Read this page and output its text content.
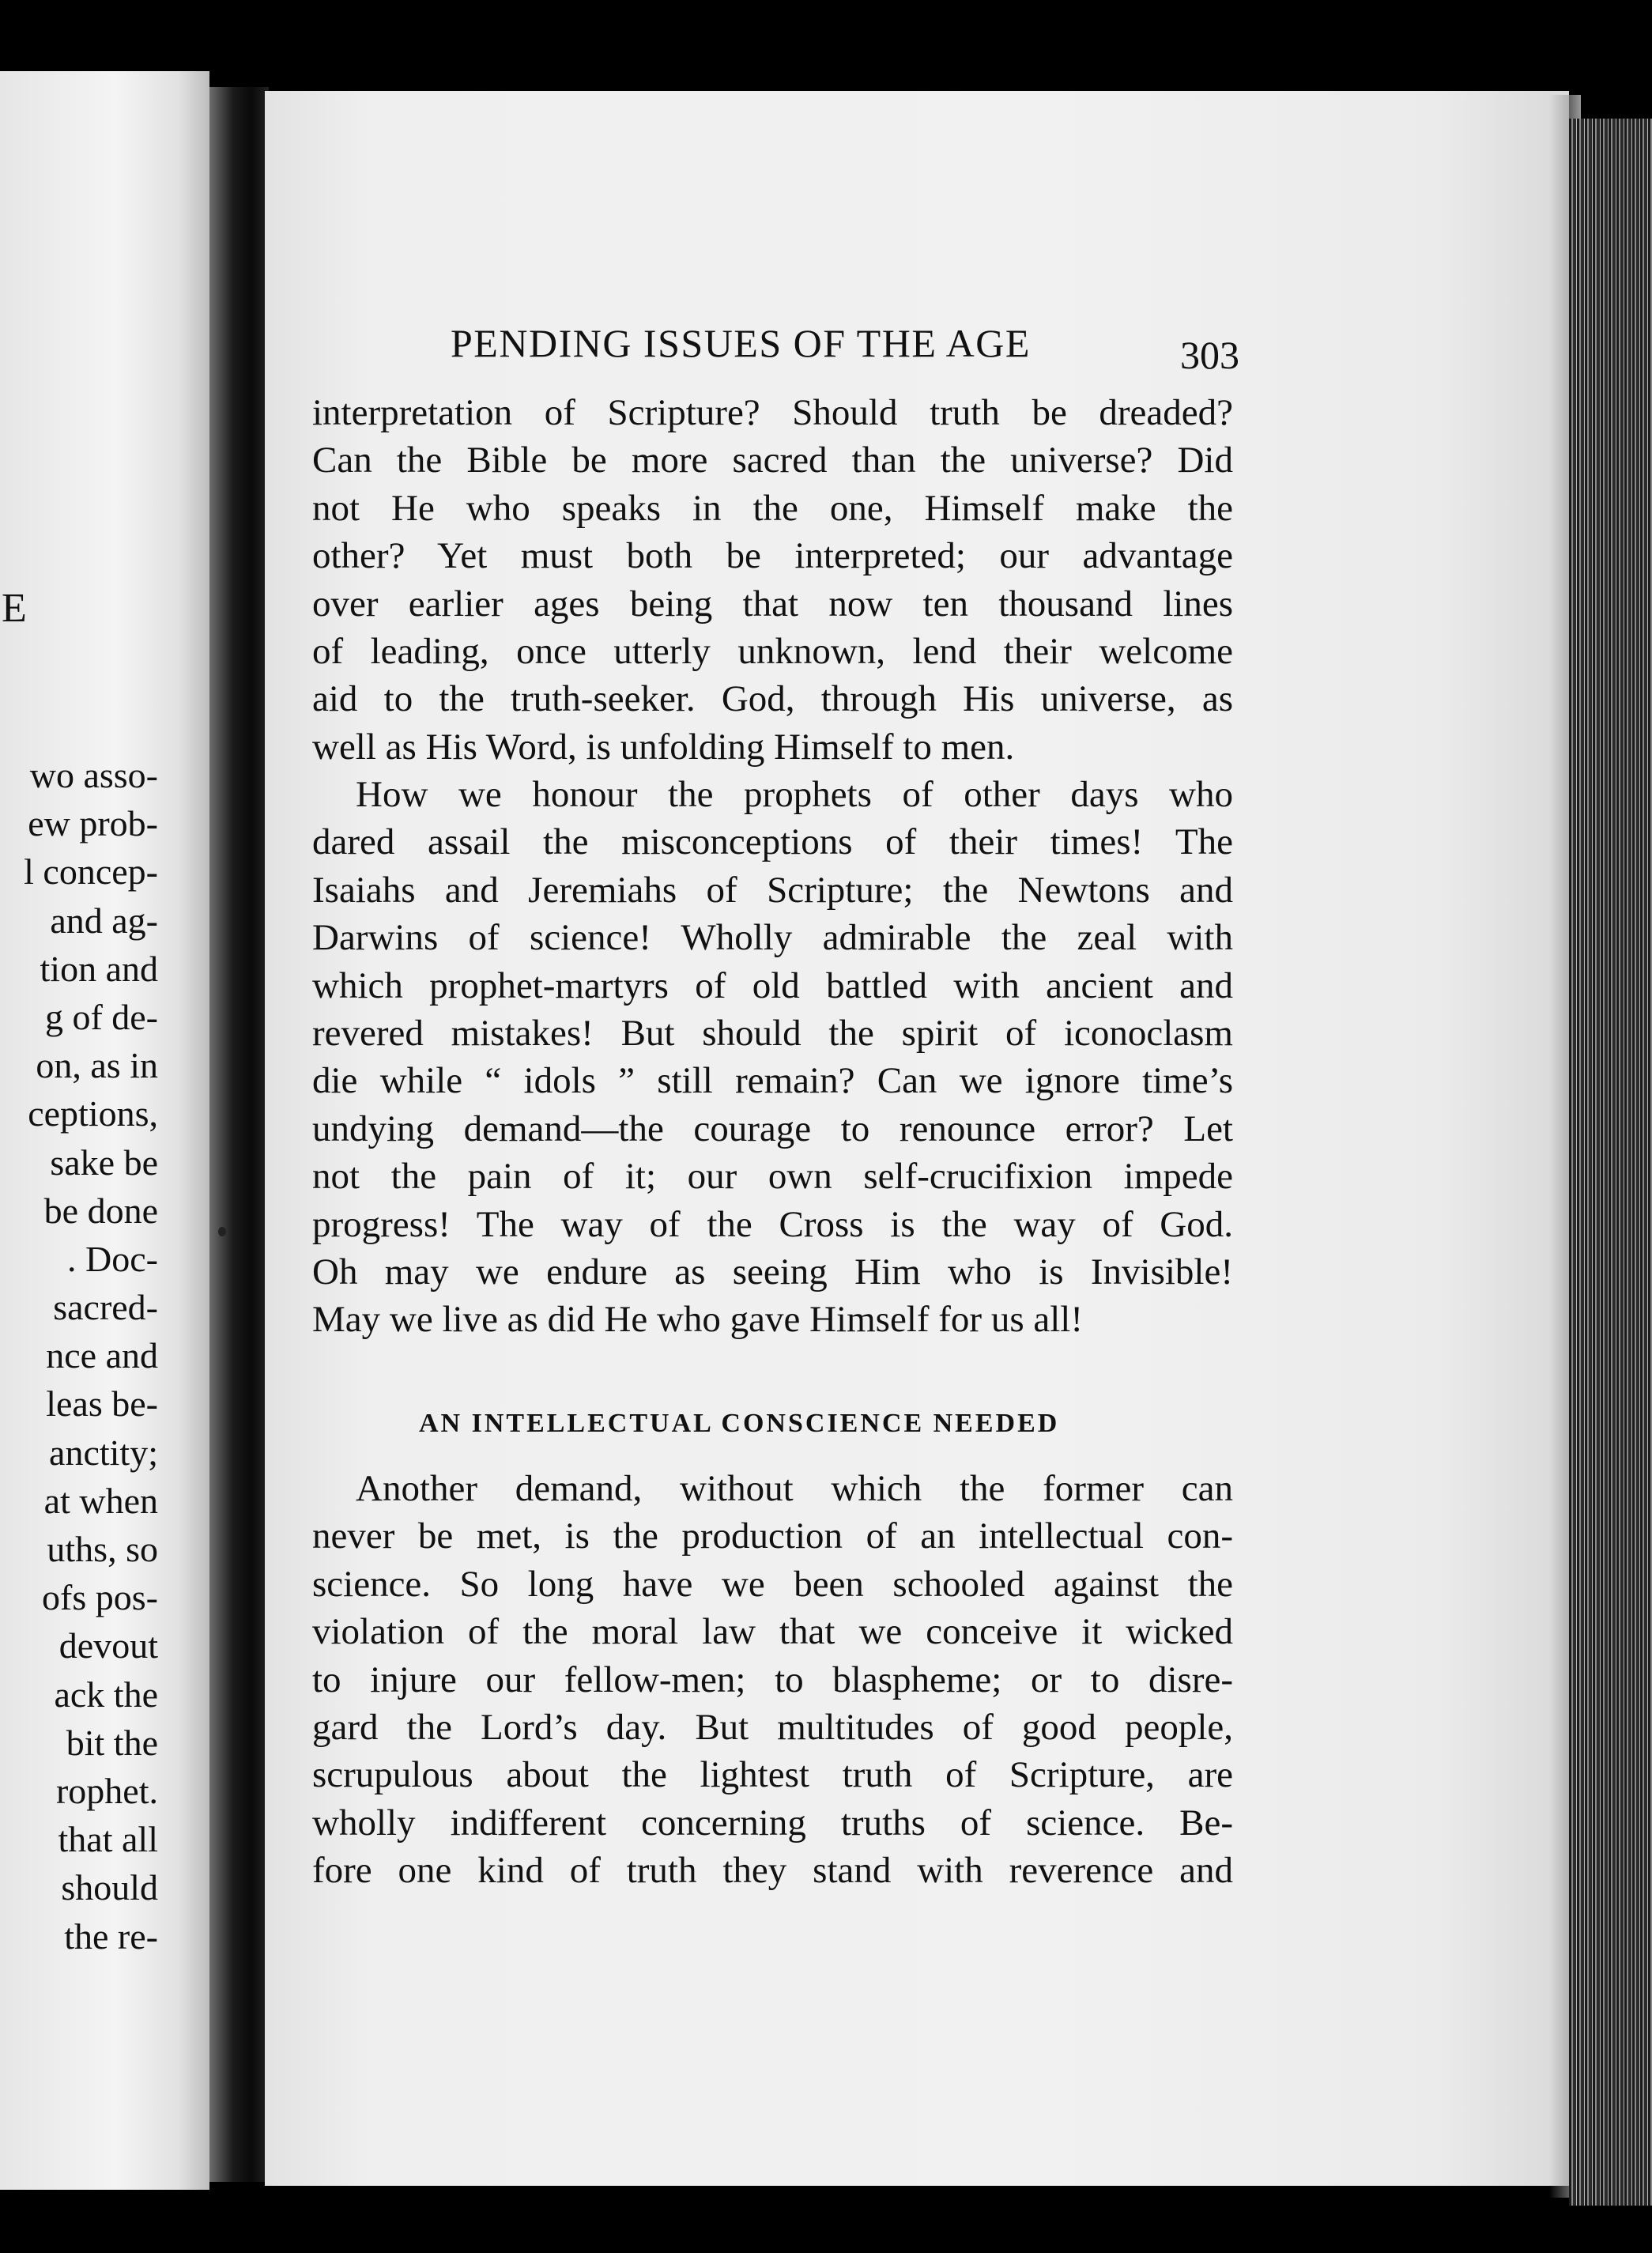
E
wo asso-
ew prob-
l concep-
and ag-
tion and
g of de-
on, as in
ceptions,
sake be
be done
. Doc-
sacred-
nce and
leas be-
anctity;
at when
uths, so
ofs pos-
devout
ack the
bit the
rophet.
that all
should
the re-
PENDING ISSUES OF THE AGE	303
interpretation of Scripture? Should truth be dreaded?
Can the Bible be more sacred than the universe? Did
not He who speaks in the one, Himself make the
other? Yet must both be interpreted; our advantage
over earlier ages being that now ten thousand lines
of leading, once utterly unknown, lend their welcome
aid to the truth-seeker. God, through His universe, as
well as His Word, is unfolding Himself to men.
How we honour the prophets of other days who
dared assail the misconceptions of their times! The
Isaiahs and Jeremiahs of Scripture; the Newtons and
Darwins of science! Wholly admirable the zeal with
which prophet-martyrs of old battled with ancient and
revered mistakes! But should the spirit of iconoclasm
die while “ idols ” still remain? Can we ignore time’s
undying demand—the courage to renounce error? Let
not the pain of it; our own self-crucifixion impede
progress! The way of the Cross is the way of God.
Oh may we endure as seeing Him who is Invisible!
May we live as did He who gave Himself for us all!
AN INTELLECTUAL CONSCIENCE NEEDED
Another demand, without which the former can
never be met, is the production of an intellectual con-
science. So long have we been schooled against the
violation of the moral law that we conceive it wicked
to injure our fellow-men; to blaspheme; or to disre-
gard the Lord’s day. But multitudes of good people,
scrupulous about the lightest truth of Scripture, are
wholly indifferent concerning truths of science. Be-
fore one kind of truth they stand with reverence and
